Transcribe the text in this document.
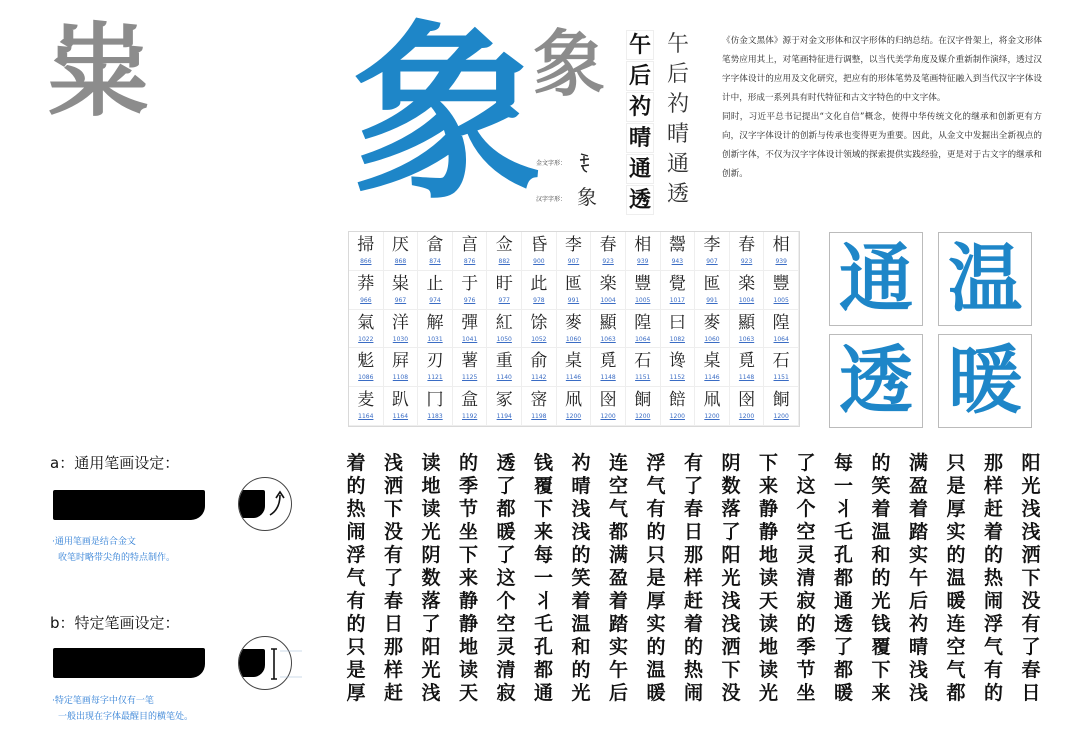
粜 象
象
金文字形：
汉字字形： 象
午
后
礿
晴
通
透
午
后
礿
晴
通
透

《仿金文黑体》源于对金文形体和汉字形体的归纳总结。在汉字骨架上，将金文形体笔势应用其上，对笔画特征进行调整，以当代美学角度及媒介重新制作演绎，透过汉字字体设计的应用及文化研究，把应有的形体笔势及笔画特征融入到当代汉字字体设计中，形成一系列具有时代特征和古文字特色的中文字体。

同时，习近平总书记提出“文化自信”概念，使得中华传统文化的继承和创新更有方向，汉字字体设计的创新与传承也变得更为重要。因此，从金文中发掘出全新视点的创新字体，不仅为汉字字体设计领域的探索提供实践经验，更是对于古文字的继承和创新。

掃
866
厌
868
畣
874
亯
876
佥
882
昏
900
李
907
春
923
相
939
鬶
943
李
907
春
923
相
939
莽
966
粜
967
止
974
于
976
盱
977
此
978
匜
991
楽
1004
豐
1005
覺
1017
匜
991
楽
1004
豐
1005
氣
1022
洋
1030
解
1031
彈
1041
紅
1050
馀
1052
麥
1060
顯
1063
隍
1064
曰
1082
麥
1060
顯
1063
隍
1064
鬽
1086
屛
1108
刃
1121
薯
1125
重
1140
俞
1142
桌
1146
覓
1148
石
1151
谗
1152
桌
1146
覓
1148
石
1151
麦
1164
趴
1164
冂
1183
盒
1192
冢
1194
宻
1198
凧
1200
囹
1200
餇
1200
餢
1200
凧
1200
囹
1200
餇
1200
通 温
透 暖
a：通用笔画设定：
·通用笔画是结合金文
收笔时略带尖角的特点制作。
b：特定笔画设定：
·特定笔画每字中仅有一笔
一般出现在字体最醒目的横笔处。
着
的
热
闹
浮
气
有
的
只
是
厚
浅
洒
下
没
有
了
春
日
那
样
赶
读
地
读
光
阴
数
落
了
阳
光
浅
的
季
节
坐
下
来
静
静
地
读
天
透
了
都
暖
了
这
个
空
灵
清
寂
钱
覆
下
来
每
一
丬
乇
孔
都
通
礿
晴
浅
浅
的
笑
着
温
和
的
光
连
空
气
都
满
盈
着
踏
实
午
后
浮
气
有
的
只
是
厚
实
的
温
暖
有
了
春
日
那
样
赶
着
的
热
闹
阴
数
落
了
阳
光
浅
浅
洒
下
没
下
来
静
静
地
读
天
读
地
读
光
了
这
个
空
灵
清
寂
的
季
节
坐
每
一
丬
乇
孔
都
通
透
了
都
暖
的
笑
着
温
和
的
光
钱
覆
下
来
满
盈
着
踏
实
午
后
礿
晴
浅
浅
只
是
厚
实
的
温
暖
连
空
气
都
那
样
赶
着
的
热
闹
浮
气
有
的
阳
光
浅
浅
洒
下
没
有
了
春
日
